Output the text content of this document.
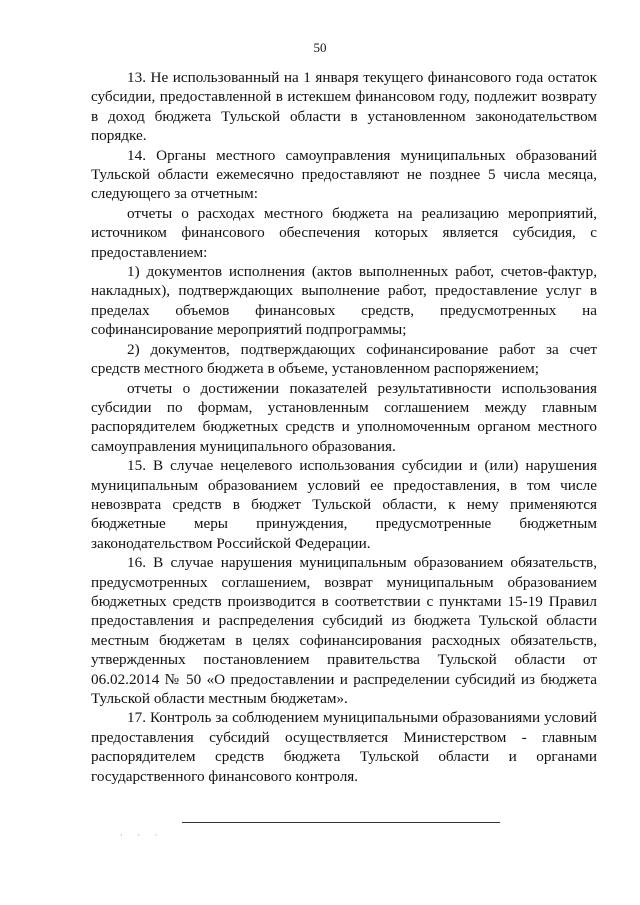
50

13. Не использованный на 1 января текущего финансового года остаток субсидии, предоставленной в истекшем финансовом году, подлежит возврату в доход бюджета Тульской области в установленном законодательством порядке.

14. Органы местного самоуправления муниципальных образований Тульской области ежемесячно предоставляют не позднее 5 числа месяца, следующего за отчетным:

отчеты о расходах местного бюджета на реализацию мероприятий, источником финансового обеспечения которых является субсидия, с предоставлением:

1) документов исполнения (актов выполненных работ, счетов-фактур, накладных), подтверждающих выполнение работ, предоставление услуг в пределах объемов финансовых средств, предусмотренных на софинансирование мероприятий подпрограммы;

2) документов, подтверждающих софинансирование работ за счет средств местного бюджета в объеме, установленном распоряжением;

отчеты о достижении показателей результативности использования субсидии по формам, установленным соглашением между главным распорядителем бюджетных средств и уполномоченным органом местного самоуправления муниципального образования.

15. В случае нецелевого использования субсидии и (или) нарушения муниципальным образованием условий ее предоставления, в том числе невозврата средств в бюджет Тульской области, к нему применяются бюджетные меры принуждения, предусмотренные бюджетным законодательством Российской Федерации.

16. В случае нарушения муниципальным образованием обязательств, предусмотренных соглашением, возврат муниципальным образованием бюджетных средств производится в соответствии с пунктами 15-19 Правил предоставления и распределения субсидий из бюджета Тульской области местным бюджетам в целях софинансирования расходных обязательств, утвержденных постановлением правительства Тульской области от 06.02.2014 № 50 «О предоставлении и распределении субсидий из бюджета Тульской области местным бюджетам».

17. Контроль за соблюдением муниципальными образованиями условий предоставления субсидий осуществляется Министерством - главным распорядителем средств бюджета Тульской области и органами государственного финансового контроля.

· · ·
